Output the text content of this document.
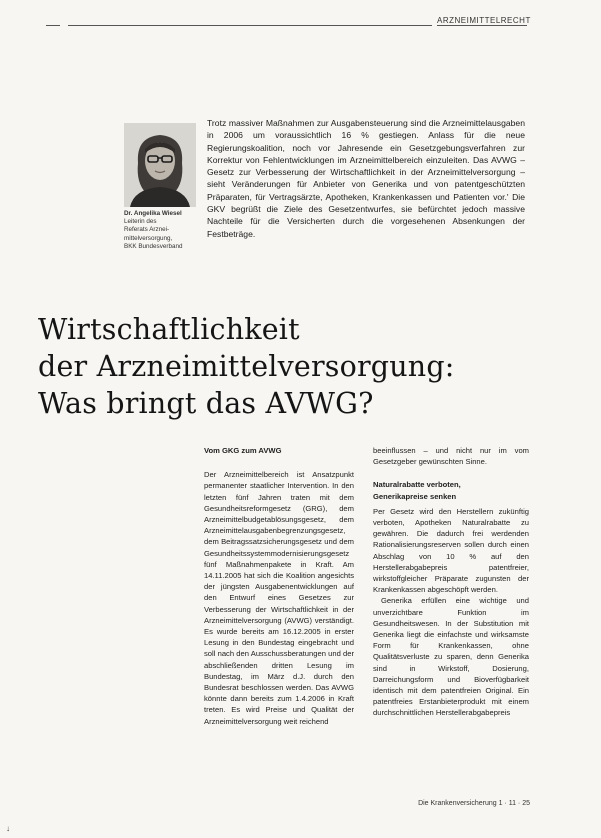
ARZNEIMITTELRECHT
Dr. Angelika Wiesel
Leiterin des
Referats Arznei-
mittelversorgung,
BKK Bundesverband
Trotz massiver Maßnahmen zur Ausgabensteuerung sind die Arzneimittelausgaben in 2006 um voraussichtlich 16 % gestiegen. Anlass für die neue Regierungskoalition, noch vor Jahresende ein Gesetzgebungsverfahren zur Korrektur von Fehlentwicklungen im Arzneimittelbereich einzuleiten. Das AVWG – Gesetz zur Verbesserung der Wirtschaftlichkeit in der Arzneimittelversorgung – sieht Veränderungen für Anbieter von Generika und von patentgeschützten Präparaten, für Vertragsärzte, Apotheken, Krankenkassen und Patienten vor.' Die GKV begrüßt die Ziele des Gesetzentwurfes, sie befürchtet jedoch massive Nachteile für die Versicherten durch die vorgesehenen Absenkungen der Festbeträge.
Wirtschaftlichkeit
der Arzneimittelversorgung:
Was bringt das AVWG?
Vom GKG zum AVWG

Der Arzneimittelbereich ist Ansatzpunkt permanenter staatlicher Intervention. In den letzten fünf Jahren traten mit dem Gesundheitsreformgesetz (GRG), dem Arzneimittelbudgetablösungsgesetz, dem Arzneimittelausgabenbegrenzungsgesetz, dem Beitragssatzsicherungsgesetz und dem Gesundheitssystemmodernisierungsgesetz fünf Maßnahmenpakete in Kraft. Am 14.11.2005 hat sich die Koalition angesichts der jüngsten Ausgabenentwicklungen auf den Entwurf eines Gesetzes zur Verbesserung der Wirtschaftlichkeit in der Arzneimittelversorgung (AVWG) verständigt. Es wurde bereits am 16.12.2005 in erster Lesung in den Bundestag eingebracht und soll nach den Ausschussberatungen und der abschließenden dritten Lesung im Bundestag, im März d.J. durch den Bundesrat beschlossen werden. Das AVWG könnte dann bereits zum 1.4.2006 in Kraft treten. Es wird Preise und Qualität der Arzneimittelversorgung weit reichend

beeinflussen – und nicht nur im vom Gesetzgeber gewünschten Sinne.

Naturalrabatte verboten,
Generikapreise senken

Per Gesetz wird den Herstellern zukünftig verboten, Apotheken Naturalrabatte zu gewähren. Die dadurch frei werdenden Rationalisierungsreserven sollen durch einen Abschlag von 10 % auf den Herstellerabgabepreis patentfreier, wirkstoffgleicher Präparate zugunsten der Krankenkassen abgeschöpft werden.

Generika erfüllen eine wichtige und unverzichtbare Funktion im Gesundheitswesen. In der Substitution mit Generika liegt die einfachste und wirksamste Form für Krankenkassen, ohne Qualitätsverluste zu sparen, denn Generika sind in Wirkstoff, Dosierung, Darreichungsform und Bioverfügbarkeit identisch mit dem patentfreien Original. Ein patentfreies Erstanbieterprodukt mit einem durchschnittlichen Herstellerabgabepreis

Die Krankenversicherung 1 · 11 · 25
↓
